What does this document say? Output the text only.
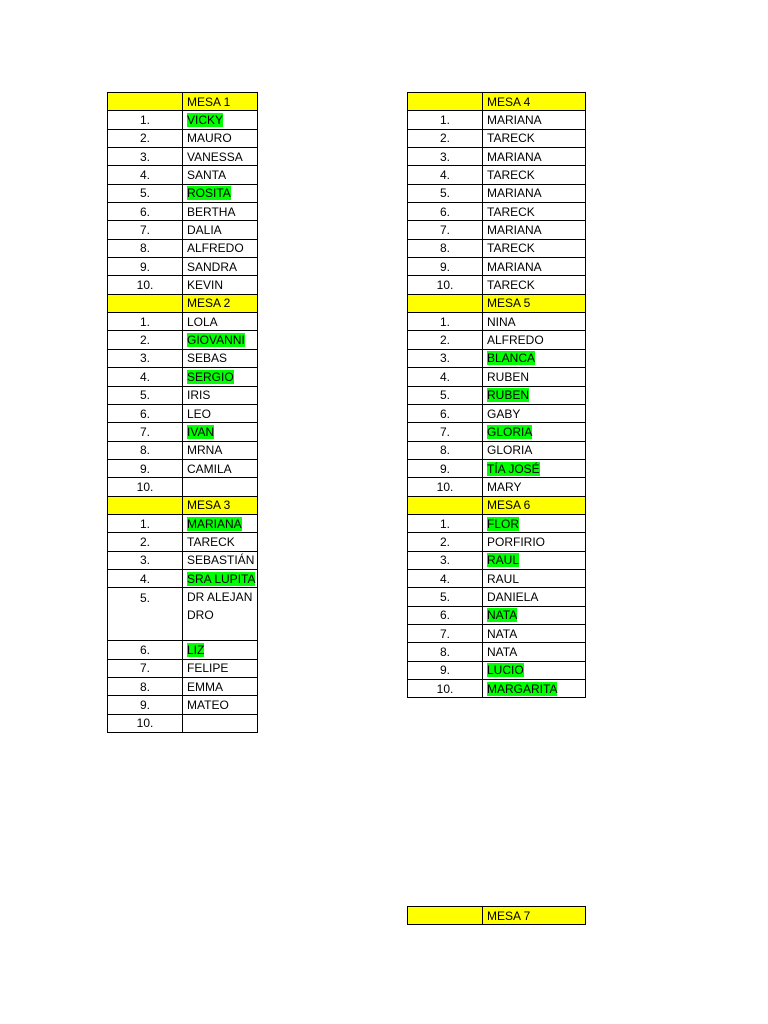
	MESA 1
1.	VICKY
2.	MAURO
3.	VANESSA
4.	SANTA
5.	ROSITA
6.	BERTHA
7.	DALIA
8.	ALFREDO
9.	SANDRA
10.	KEVIN
	MESA 2
1.	LOLA
2.	GIOVANNI
3.	SEBAS
4.	SERGIO
5.	IRIS
6.	LEO
7.	IVAN
8.	MRNA
9.	CAMILA
10.	
	MESA 3
1.	MARIANA
2.	TARECK
3.	SEBASTIÁN
4.	SRA LUPITA
5.	DR ALEJANDRO
6.	LIZ
7.	FELIPE
8.	EMMA
9.	MATEO
10.	
	MESA 4
1.	MARIANA
2.	TARECK
3.	MARIANA
4.	TARECK
5.	MARIANA
6.	TARECK
7.	MARIANA
8.	TARECK
9.	MARIANA
10.	TARECK
	MESA 5
1.	NINA
2.	ALFREDO
3.	BLANCA
4.	RUBEN
5.	RUBEN
6.	GABY
7.	GLORIA
8.	GLORIA
9.	TÍA JOSÉ
10.	MARY
	MESA 6
1.	FLOR
2.	PORFIRIO
3.	RAUL
4.	RAUL
5.	DANIELA
6.	NATA
7.	NATA
8.	NATA
9.	LUCIO
10.	MARGARITA
	MESA 7
